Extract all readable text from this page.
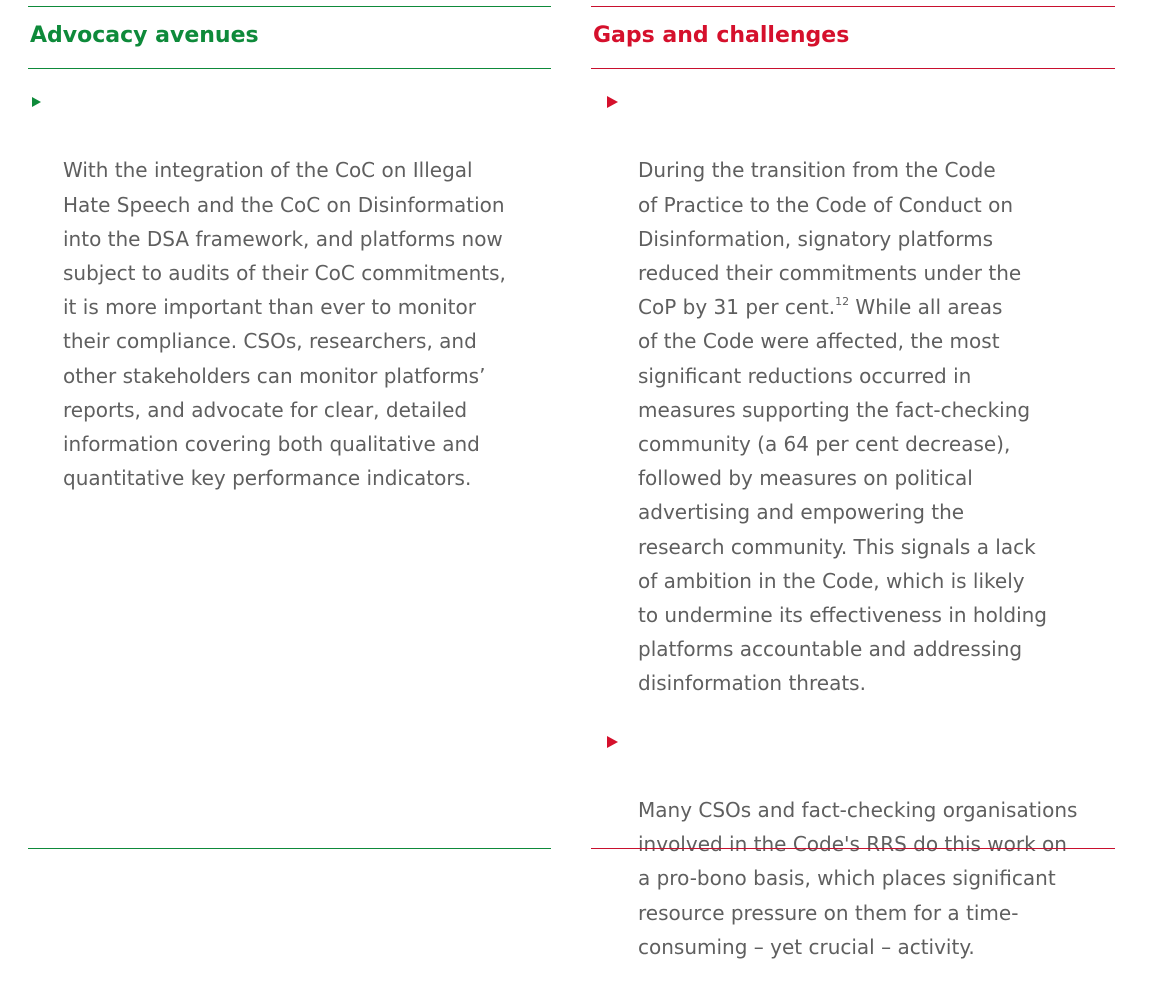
Advocacy avenues

With the integration of the CoC on Illegal
Hate Speech and the CoC on Disinformation
into the DSA framework, and platforms now
subject to audits of their CoC commitments,
it is more important than ever to monitor
their compliance. CSOs, researchers, and
other stakeholders can monitor platforms’
reports, and advocate for clear, detailed
information covering both qualitative and
quantitative key performance indicators.

Gaps and challenges

During the transition from the Code
of Practice to the Code of Conduct on
Disinformation, signatory platforms
reduced their commitments under the
CoP by 31 per cent.$^{12}$ While all areas
of the Code were affected, the most
significant reductions occurred in
measures supporting the fact-checking
community (a 64 per cent decrease),
followed by measures on political
advertising and empowering the
research community. This signals a lack
of ambition in the Code, which is likely
to undermine its effectiveness in holding
platforms accountable and addressing
disinformation threats.

Many CSOs and fact-checking organisations
involved in the Code's RRS do this work on
a pro-bono basis, which places significant
resource pressure on them for a time-
consuming – yet crucial – activity.
